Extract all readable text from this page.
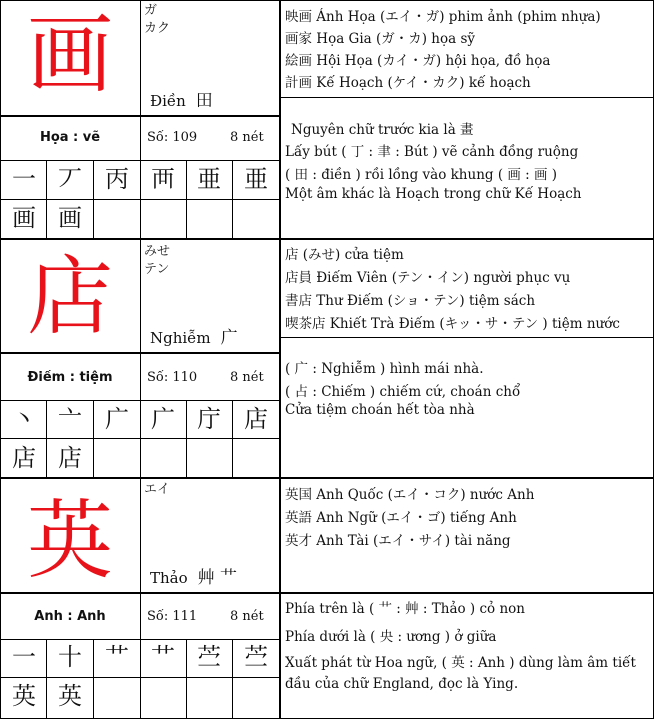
画	ガ
カク
Điền 田
Họa : vẽ	Số: 109	8 nét
一 丆 丙 襾 亜 亜
画 画
映画 Ánh Họa (エイ・ガ) phim ảnh (phim nhựa)
画家 Họa Gia (ガ・カ) họa sỹ
絵画 Hội Họa (カイ・ガ) hội họa, đồ họa
計画 Kế Hoạch (ケイ・カク) kế hoạch
Nguyên chữ trước kia là 畫
Lấy bút ( 丁 : 聿 : Bút ) vẽ cảnh đồng ruộng
( 田 : điền ) rồi lồng vào khung ( 画 : 画 )
Một âm khác là Hoạch trong chữ Kế Hoạch
店	みせ
テン
Nghiễm 广
Điếm : tiệm	Số: 110	8 nét
丶 亠 广 广 庁 店
店 店
店 (みせ) cửa tiệm
店員 Điếm Viên (テン・イン) người phục vụ
書店 Thư Điếm (ショ・テン) tiệm sách
喫茶店 Khiết Trà Điếm (キッ・サ・テン ) tiệm nước
( 广 : Nghiễm ) hình mái nhà.
( 占 : Chiếm ) chiếm cứ, choán chổ
Cửa tiệm choán hết tòa nhà
英
エイ
Thảo 艸 艹
Anh : Anh	Số: 111	8 nét
一 十 艹 艹 苎 苎
英 英
英国 Anh Quốc (エイ・コク) nước Anh
英語 Anh Ngữ (エイ・ゴ) tiếng Anh
英才 Anh Tài (エイ・サイ) tài năng
Phía trên là ( 艹 : 艸 : Thảo ) cỏ non
Phía dưới là ( 央 : ương ) ở giữa
Xuất phát từ Hoa ngữ, ( 英 : Anh ) dùng làm âm tiết
đầu của chữ England, đọc là Ying.
